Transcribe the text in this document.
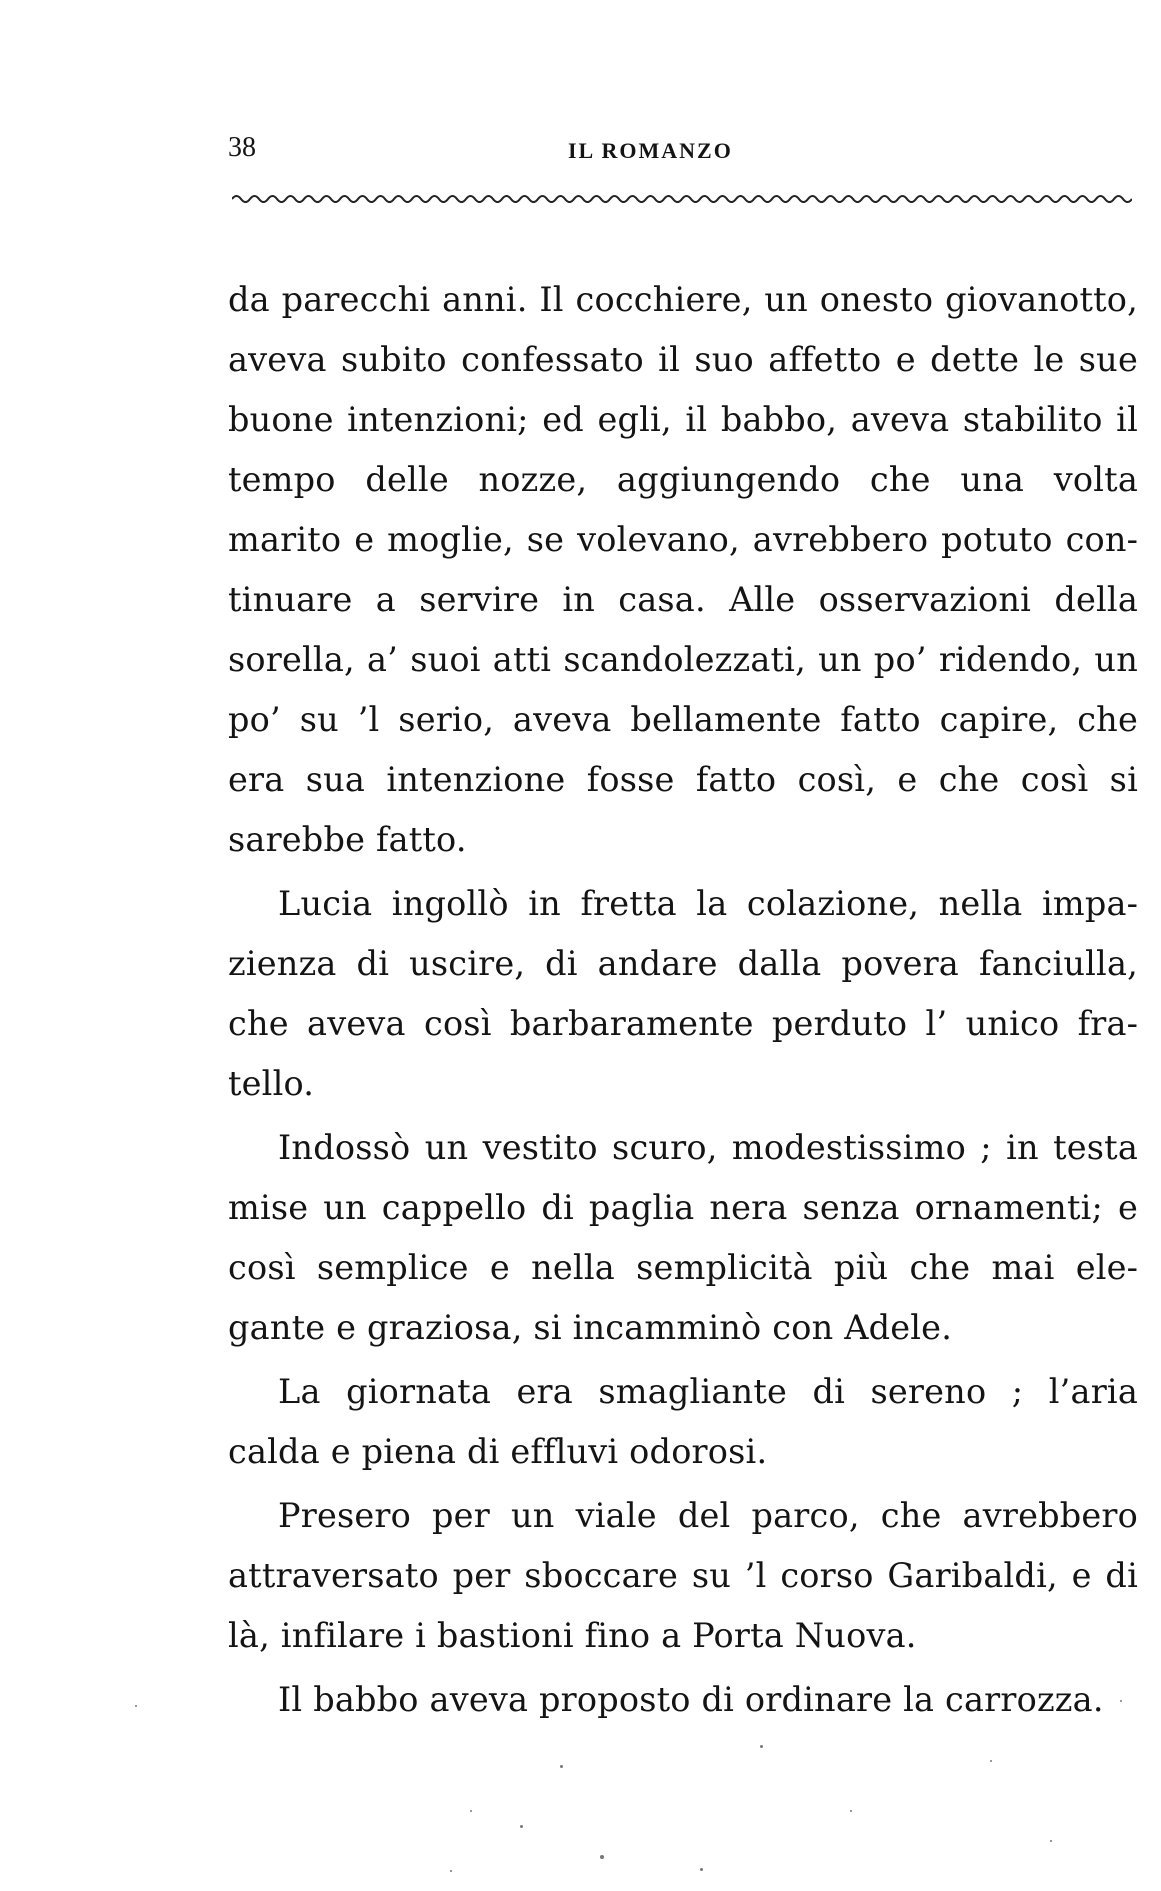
38	IL ROMANZO

da parecchi anni. Il cocchiere, un onesto giovanotto, aveva subito confessato il suo affetto e dette le sue buone intenzioni; ed egli, il babbo, aveva stabilito il tempo delle nozze, aggiungendo che una volta marito e moglie, se volevano, avrebbero potuto continuare a servire in casa. Alle osservazioni della sorella, a’ suoi atti scandolezzati, un po’ ridendo, un po’ su ’l serio, aveva bellamente fatto capire, che era sua intenzione fosse fatto così, e che così si sarebbe fatto.

Lucia ingollò in fretta la colazione, nella impazienza di uscire, di andare dalla povera fanciulla, che aveva così barbaramente perduto l’ unico fratello.

Indossò un vestito scuro, modestissimo ; in testa mise un cappello di paglia nera senza ornamenti; e così semplice e nella semplicità più che mai elegante e graziosa, si incamminò con Adele.

La giornata era smagliante di sereno ; l’aria calda e piena di effluvi odorosi.

Presero per un viale del parco, che avrebbero attraversato per sboccare su ’l corso Garibaldi, e di là, infilare i bastioni fino a Porta Nuova.

Il babbo aveva proposto di ordinare la carrozza.
